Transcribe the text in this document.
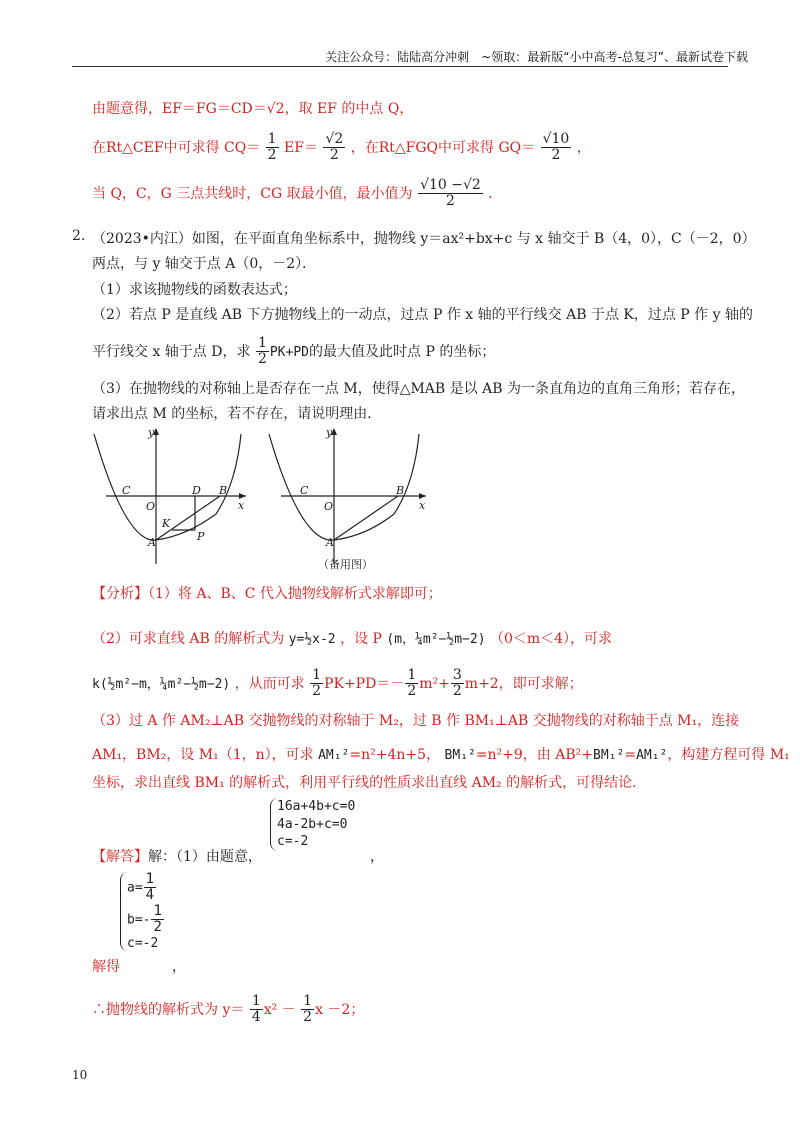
关注公众号：陆陆高分冲刺　~领取：最新版“小中高考-总复习”、最新试卷下载
由题意得，EF＝FG＝CD＝√2，取 EF 的中点 Q，
在Rt△CEF中可求得 $CQ= \frac{1}{2} EF= \frac{√2}{2}$ ，在Rt△FGQ中可求得 $GQ= \frac{√10}{2}$ ，
当 Q，C，G 三点共线时，CG 取最小值，最小值为 $\frac{√10 -√2}{2}$ ．
2. （2023•内江）如图，在平面直角坐标系中，抛物线 y＝ax²+bx+c 与 x 轴交于 B（4，0），C（－2，0）
两点，与 y 轴交于点 A（0，－2）．
（1）求该抛物线的函数表达式；
（2）若点 P 是直线 AB 下方抛物线上的一动点，过点 P 作 x 轴的平行线交 AB 于点 K，过点 P 作 y 轴的
平行线交 x 轴于点 D，求 $\frac{1}{2} PK+PD$的最大值及此时点 P 的坐标；
（3）在抛物线的对称轴上是否存在一点 M，使得△MAB 是以 AB 为一条直角边的直角三角形；若存在，
请求出点 M 的坐标，若不存在，请说明理由．
y
x
O
A
B
C	D
K
P
y
x
O
A
B
C
（备用图）
【分析】（1）将 A、B、C 代入抛物线解析式求解即可；
（2）可求直线 AB 的解析式为 y=½x-2 ，设 P (m，¼m²−½m−2) （0＜m＜4），可求
k(½m²−m，¼m²−½m−2) ，从而可求 $\frac{1}{2} PK+PD=- \frac{1}{2} m^2+ \frac{3}{2} m+2$，即可求解；
（3）过 A 作 AM₂⊥AB 交抛物线的对称轴于 M₂，过 B 作 BM₁⊥AB 交抛物线的对称轴于点 M₁，连接
AM₁，BM₂，设 M₁（1，n），可求 AM₁²=n²+4n+5， BM₁²=n²+9，由 AB²+BM₁²=AM₁²，构建方程可得 M₁
坐标，求出直线 BM₁ 的解析式，利用平行线的性质求出直线 AM₂ 的解析式，可得结论．
16a+4b+c=0
4a-2b+c=0
c=-2
【解答】解：（1）由题意，	，
解得
$a= \frac{1}{4}$
$b=- \frac{1}{2}$
c=-2
，
∴抛物线的解析式为 $y= \frac{1}{4} x^2 - \frac{1}{2}$ x －2；
10
